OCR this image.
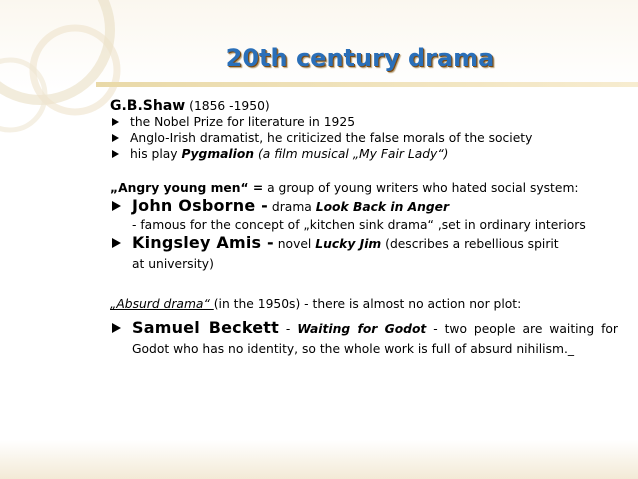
20th century drama
G.B.Shaw (1856 -1950)
the Nobel Prize for literature in 1925
Anglo-Irish dramatist, he criticized the false morals of the society
his play Pygmalion (a film musical „My Fair Lady“)
„Angry young men“ = a group of young writers who hated social system:
John Osborne - drama Look Back in Anger
- famous for the concept of „kitchen sink drama“ ,set in ordinary interiors
Kingsley Amis - novel Lucky Jim (describes a rebellious spirit
at university)
„Absurd drama“ (in the 1950s) - there is almost no action nor plot:
Samuel Beckett - Waiting for Godot - two people are waiting for Godot who has no identity, so the whole work is full of absurd nihilism._
